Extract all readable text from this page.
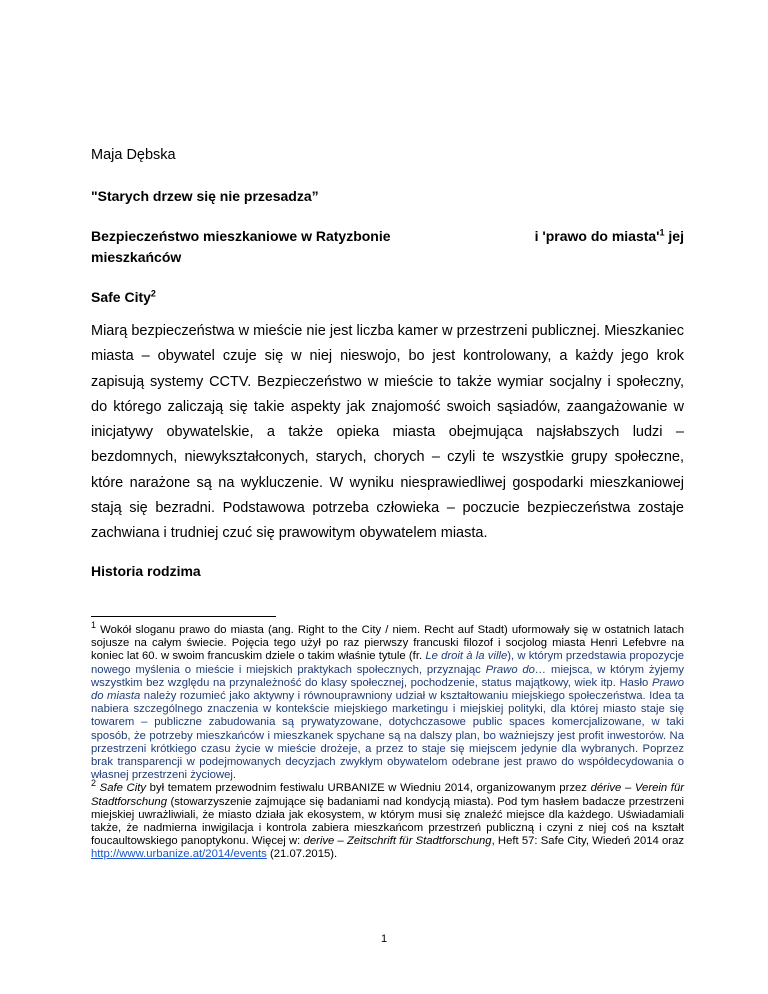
Maja Dębska
"Starych drzew się nie przesadza”
Bezpieczeństwo mieszkaniowe w Ratyzbonie	i 'prawo do $miasta'^1$ jej
mieszkańców
Safe City$^2$
Miarą bezpieczeństwa w mieście nie jest liczba kamer w przestrzeni publicznej. Mieszkaniec miasta – obywatel czuje się w niej nieswojo, bo jest kontrolowany, a każdy jego krok zapisują systemy CCTV. Bezpieczeństwo w mieście to także wymiar socjalny i społeczny, do którego zaliczają się takie aspekty jak znajomość swoich sąsiadów, zaangażowanie w inicjatywy obywatelskie, a także opieka miasta obejmująca najsłabszych ludzi – bezdomnych, niewykształconych, starych, chorych – czyli te wszystkie grupy społeczne, które narażone są na wykluczenie. W wyniku niesprawiedliwej gospodarki mieszkaniowej stają się bezradni. Podstawowa potrzeba człowieka – poczucie bezpieczeństwa zostaje zachwiana i trudniej czuć się prawowitym obywatelem miasta.
Historia rodzima

$^1$ Wokół sloganu prawo do miasta (ang. Right to the City / niem. Recht auf Stadt) uformowały się w ostatnich latach sojusze na całym świecie. Pojęcia tego użył po raz pierwszy francuski filozof i socjolog miasta Henri Lefebvre na koniec lat 60. w swoim francuskim dziele o takim właśnie tytule (fr. Le droit à la ville), w którym przedstawia propozycje nowego myślenia o mieście i miejskich praktykach społecznych, przyznając Prawo do… miejsca, w którym żyjemy wszystkim bez względu na przynależność do klasy społecznej, pochodzenie, status majątkowy, wiek itp. Hasło Prawo do miasta należy rozumieć jako aktywny i równouprawniony udział w kształtowaniu miejskiego społeczeństwa. Idea ta nabiera szczególnego znaczenia w kontekście miejskiego marketingu i miejskiej polityki, dla której miasto staje się towarem – publiczne zabudowania są prywatyzowane, dotychczasowe public spaces komercjalizowane, w taki sposób, że potrzeby mieszkańców i mieszkanek spychane są na dalszy plan, bo ważniejszy jest profit inwestorów. Na przestrzeni krótkiego czasu życie w mieście drożeje, a przez to staje się miejscem jedynie dla wybranych. Poprzez brak transparencji w podejmowanych decyzjach zwykłym obywatelom odebrane jest prawo do współdecydowania o własnej przestrzeni życiowej.

$^2$ Safe City był tematem przewodnim festiwalu URBANIZE w Wiedniu 2014, organizowanym przez dérive – Verein für Stadtforschung (stowarzyszenie zajmujące się badaniami nad kondycją miasta). Pod tym hasłem badacze przestrzeni miejskiej uwrażliwiali, że miasto działa jak ekosystem, w którym musi się znaleźć miejsce dla każdego. Uświadamiali także, że nadmierna inwigilacja i kontrola zabiera mieszkańcom przestrzeń publiczną i czyni z niej coś na kształt foucaultowskiego panoptykonu. Więcej w: derive – Zeitschrift für Stadtforschung, Heft 57: Safe City, Wiedeń 2014 oraz http://www.urbanize.at/2014/events (21.07.2015).

1
